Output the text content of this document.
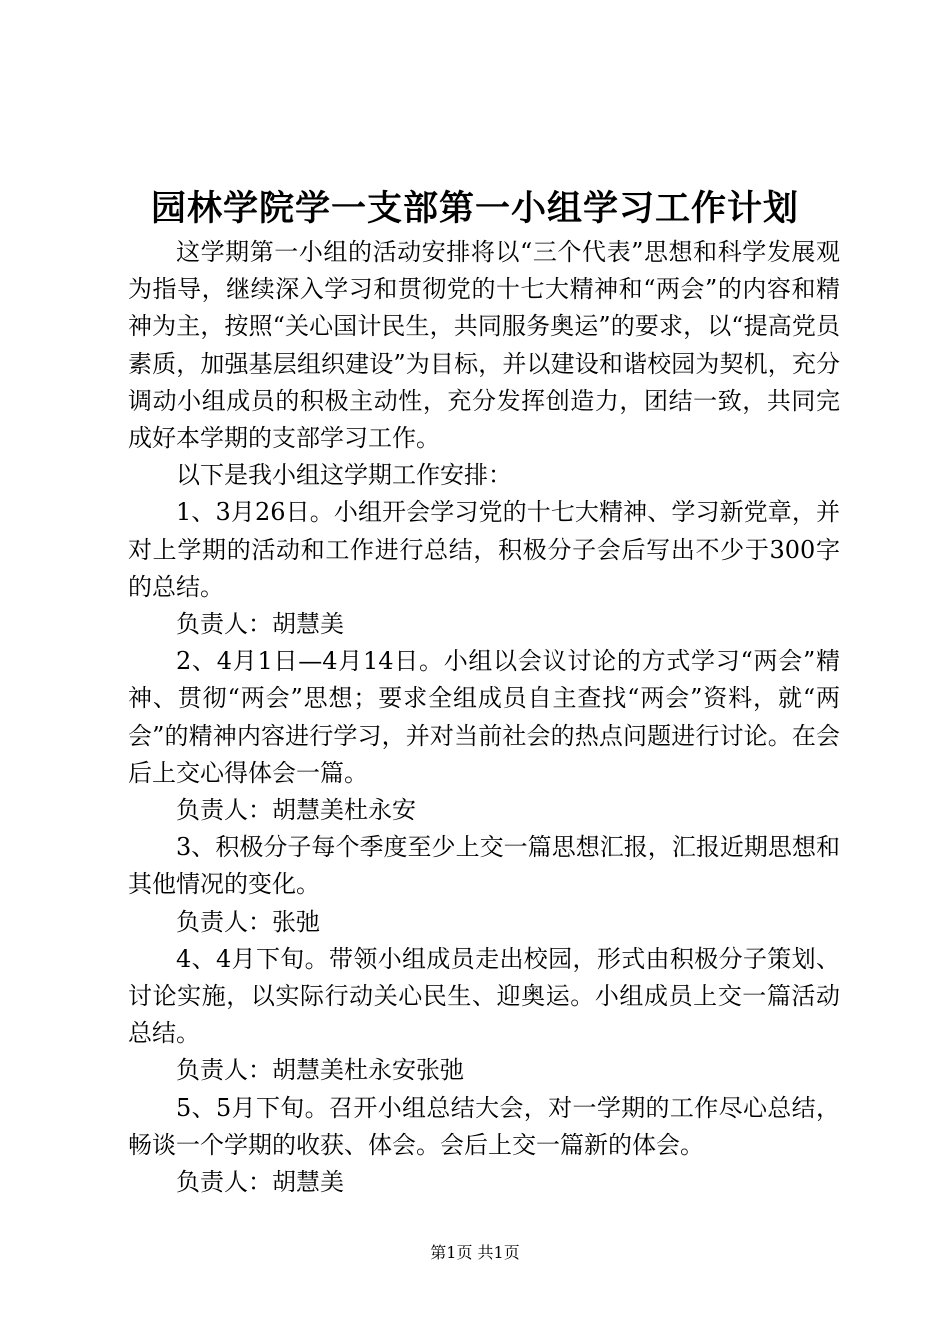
园林学院学一支部第一小组学习工作计划

这学期第一小组的活动安排将以“三个代表”思想和科学发展观为指导，继续深入学习和贯彻党的十七大精神和“两会”的内容和精神为主，按照“关心国计民生，共同服务奥运”的要求，以“提高党员素质，加强基层组织建设”为目标，并以建设和谐校园为契机，充分调动小组成员的积极主动性，充分发挥创造力，团结一致，共同完成好本学期的支部学习工作。

以下是我小组这学期工作安排：

1、3月26日。小组开会学习党的十七大精神、学习新党章，并对上学期的活动和工作进行总结，积极分子会后写出不少于300字的总结。

负责人：胡慧美

2、4月1日—4月14日。小组以会议讨论的方式学习“两会”精神、贯彻“两会”思想；要求全组成员自主查找“两会”资料，就“两会”的精神内容进行学习，并对当前社会的热点问题进行讨论。在会后上交心得体会一篇。

负责人：胡慧美杜永安

3、积极分子每个季度至少上交一篇思想汇报，汇报近期思想和其他情况的变化。

负责人：张弛

4、4月下旬。带领小组成员走出校园，形式由积极分子策划、讨论实施，以实际行动关心民生、迎奥运。小组成员上交一篇活动总结。

负责人：胡慧美杜永安张弛

5、5月下旬。召开小组总结大会，对一学期的工作尽心总结，畅谈一个学期的收获、体会。会后上交一篇新的体会。

负责人：胡慧美

第1页 共1页
